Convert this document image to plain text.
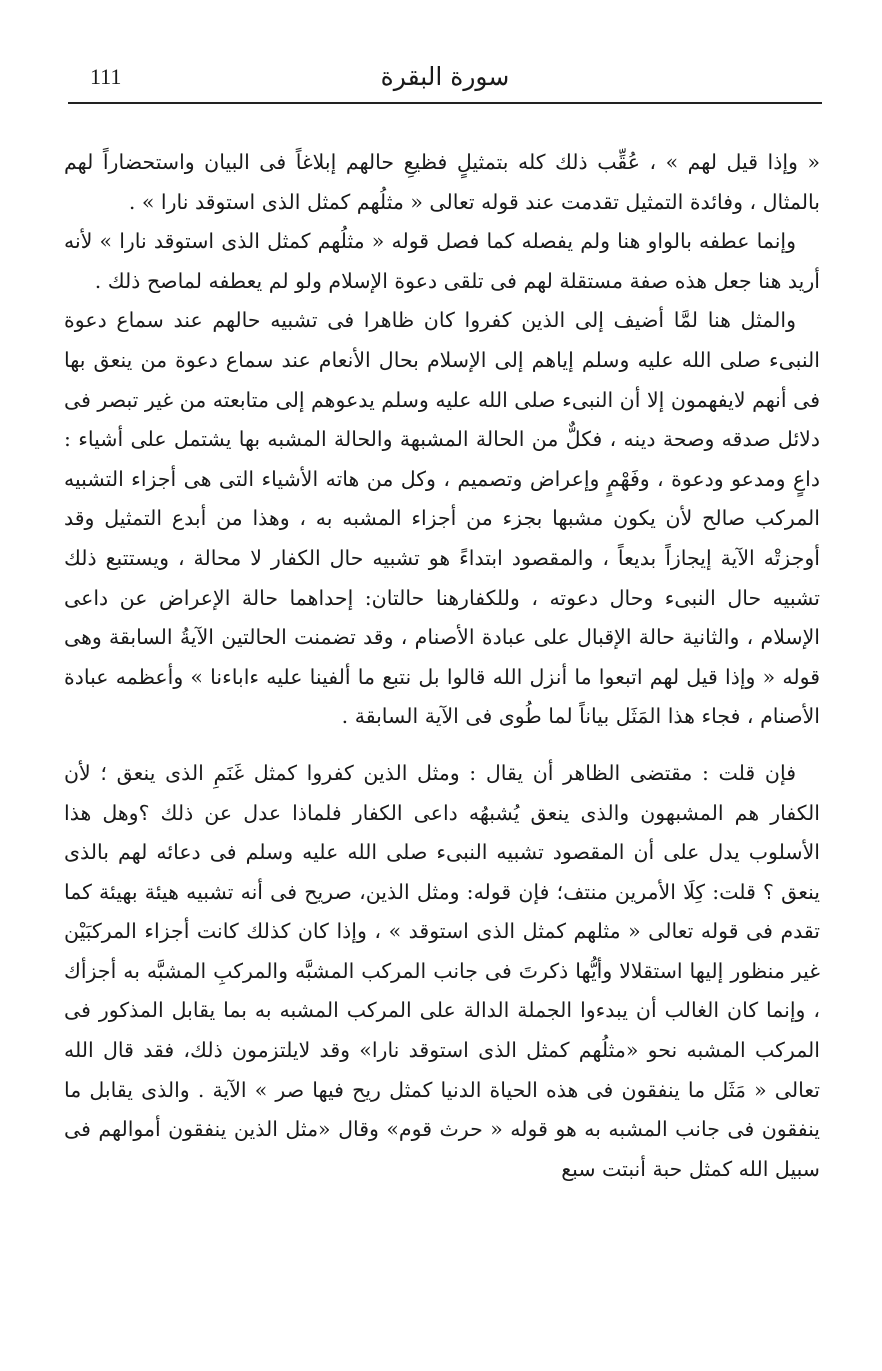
سورة البقرة
111

« وإذا قيل لهم » ، عُقِّب ذلك كله بتمثيلٍ فظيعِ حالهم إبلاغاً فى البيان واستحضاراً لهم بالمثال ، وفائدة التمثيل تقدمت عند قوله تعالى « مثلُهم كمثل الذى استوقد نارا » .

وإنما عطفه بالواو هنا ولم يفصله كما فصل قوله « مثلُهم كمثل الذى استوقد نارا » لأنه أريد هنا جعل هذه صفة مستقلة لهم فى تلقى دعوة الإسلام ولو لم يعطفه لماصح ذلك .

والمثل هنا لمَّا أضيف إلى الذين كفروا كان ظاهرا فى تشبيه حالهم عند سماع دعوة النبىء صلى الله عليه وسلم إياهم إلى الإسلام بحال الأنعام عند سماع دعوة من ينعق بها فى أنهم لايفهمون إلا أن النبىء صلى الله عليه وسلم يدعوهم إلى متابعته من غير تبصر فى دلائل صدقه وصحة دينه ، فكلٌّ من الحالة المشبهة والحالة المشبه بها يشتمل على أشياء : داعٍ ومدعو ودعوة ، وفَهْمٍ وإعراض وتصميم ، وكل من هاته الأشياء التى هى أجزاء التشبيه المركب صالح لأن يكون مشبها بجزء من أجزاء المشبه به ، وهذا من أبدع التمثيل وقد أوجزتْه الآية إيجازاً بديعاً ، والمقصود ابتداءً هو تشبيه حال الكفار لا محالة ، ويستتبع ذلك تشبيه حال النبىء وحال دعوته ، وللكفارهنا حالتان: إحداهما حالة الإعراض عن داعى الإسلام ، والثانية حالة الإقبال على عبادة الأصنام ، وقد تضمنت الحالتين الآيةُ السابقة وهى قوله « وإذا قيل لهم اتبعوا ما أنزل الله قالوا بل نتبع ما ألفينا عليه ءاباءنا » وأعظمه عبادة الأصنام ، فجاء هذا المَثَل بياناً لما طُوى فى الآية السابقة .

فإن قلت : مقتضى الظاهر أن يقال : ومثل الذين كفروا كمثل غَنَمِ الذى ينعق ؛ لأن الكفار هم المشبهون والذى ينعق يُشبهُه داعى الكفار فلماذا عدل عن ذلك ؟وهل هذا الأسلوب يدل على أن المقصود تشبيه النبىء صلى الله عليه وسلم فى دعائه لهم بالذى ينعق ؟ قلت: كِلَا الأمرين منتف؛ فإن قوله: ومثل الذين، صريح فى أنه تشبيه هيئة بهيئة كما تقدم فى قوله تعالى « مثلهم كمثل الذى استوقد » ، وإذا كان كذلك كانت أجزاء المركبَيْن غير منظور إليها استقلالا وأيُّها ذكرتَ فى جانب المركب المشبَّه والمركبِ المشبَّه به أجزأك ، وإنما كان الغالب أن يبدءوا الجملة الدالة على المركب المشبه به بما يقابل المذكور فى المركب المشبه نحو «مثلُهم كمثل الذى استوقد نارا» وقد لايلتزمون ذلك، فقد قال الله تعالى « مَثَل ما ينفقون فى هذه الحياة الدنيا كمثل ريح فيها صر » الآية . والذى يقابل ما ينفقون فى جانب المشبه به هو قوله « حرث قوم» وقال «مثل الذين ينفقون أموالهم فى سبيل الله كمثل حبة أنبتت سبع
